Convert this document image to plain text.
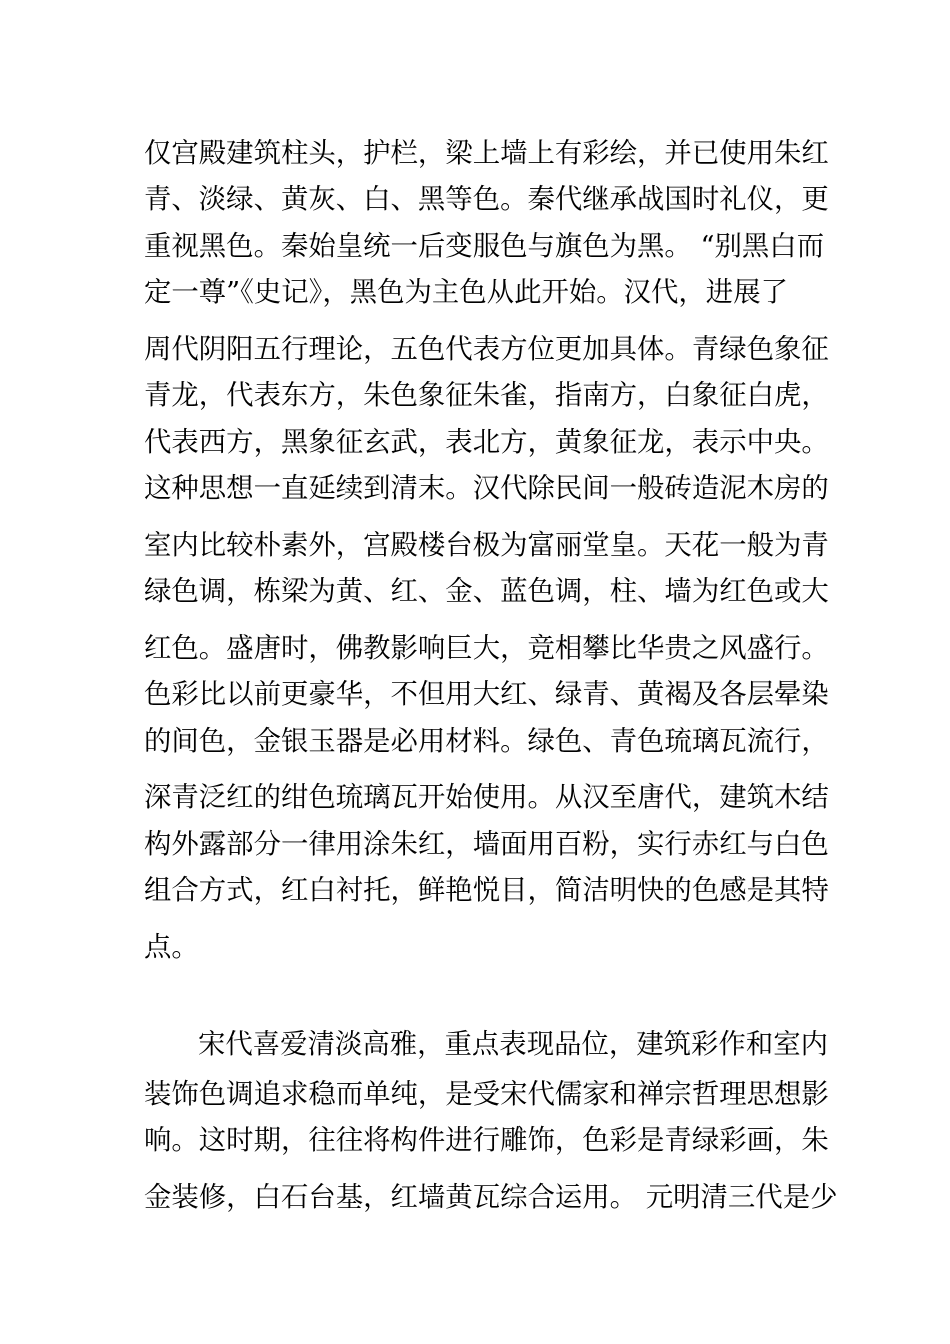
仅宫殿建筑柱头，护栏，梁上墙上有彩绘，并已使用朱红
青、淡绿、黄灰、白、黑等色。秦代继承战国时礼仪，更
重视黑色。秦始皇统一后变服色与旗色为黑。 “别黑白而
定一尊”《史记》，黑色为主色从此开始。汉代，进展了
周代阴阳五行理论，五色代表方位更加具体。青绿色象征
青龙，代表东方，朱色象征朱雀，指南方，白象征白虎，
代表西方，黑象征玄武，表北方，黄象征龙，表示中央。
这种思想一直延续到清末。汉代除民间一般砖造泥木房的
室内比较朴素外，宫殿楼台极为富丽堂皇。天花一般为青
绿色调，栋梁为黄、红、金、蓝色调，柱、墙为红色或大
红色。盛唐时，佛教影响巨大，竞相攀比华贵之风盛行。
色彩比以前更豪华，不但用大红、绿青、黄褐及各层晕染
的间色，金银玉器是必用材料。绿色、青色琉璃瓦流行，
深青泛红的绀色琉璃瓦开始使用。从汉至唐代，建筑木结
构外露部分一律用涂朱红，墙面用百粉，实行赤红与白色
组合方式，红白衬托，鲜艳悦目，简洁明快的色感是其特
点。
宋代喜爱清淡高雅，重点表现品位，建筑彩作和室内
装饰色调追求稳而单纯，是受宋代儒家和禅宗哲理思想影
响。这时期，往往将构件进行雕饰，色彩是青绿彩画，朱
金装修，白石台基，红墙黄瓦综合运用。 元明清三代是少
